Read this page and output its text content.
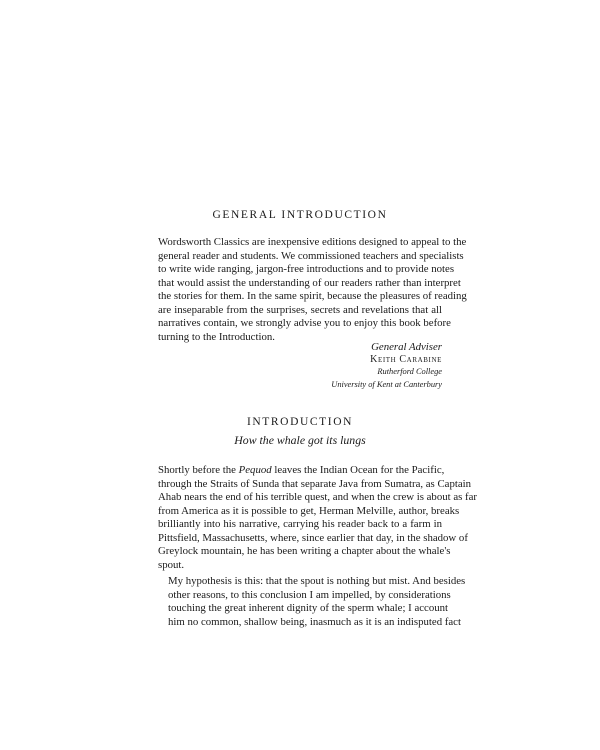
GENERAL INTRODUCTION
Wordsworth Classics are inexpensive editions designed to appeal to the
general reader and students. We commissioned teachers and specialists
to write wide ranging, jargon-free introductions and to provide notes
that would assist the understanding of our readers rather than interpret
the stories for them. In the same spirit, because the pleasures of reading
are inseparable from the surprises, secrets and revelations that all
narratives contain, we strongly advise you to enjoy this book before
turning to the Introduction.
General Adviser
Keith Carabine
Rutherford College
University of Kent at Canterbury
INTRODUCTION
How the whale got its lungs
Shortly before the Pequod leaves the Indian Ocean for the Pacific,
through the Straits of Sunda that separate Java from Sumatra, as Captain
Ahab nears the end of his terrible quest, and when the crew is about as far
from America as it is possible to get, Herman Melville, author, breaks
brilliantly into his narrative, carrying his reader back to a farm in
Pittsfield, Massachusetts, where, since earlier that day, in the shadow of
Greylock mountain, he has been writing a chapter about the whale's
spout.
My hypothesis is this: that the spout is nothing but mist. And besides
other reasons, to this conclusion I am impelled, by considerations
touching the great inherent dignity of the sperm whale; I account
him no common, shallow being, inasmuch as it is an indisputed fact
